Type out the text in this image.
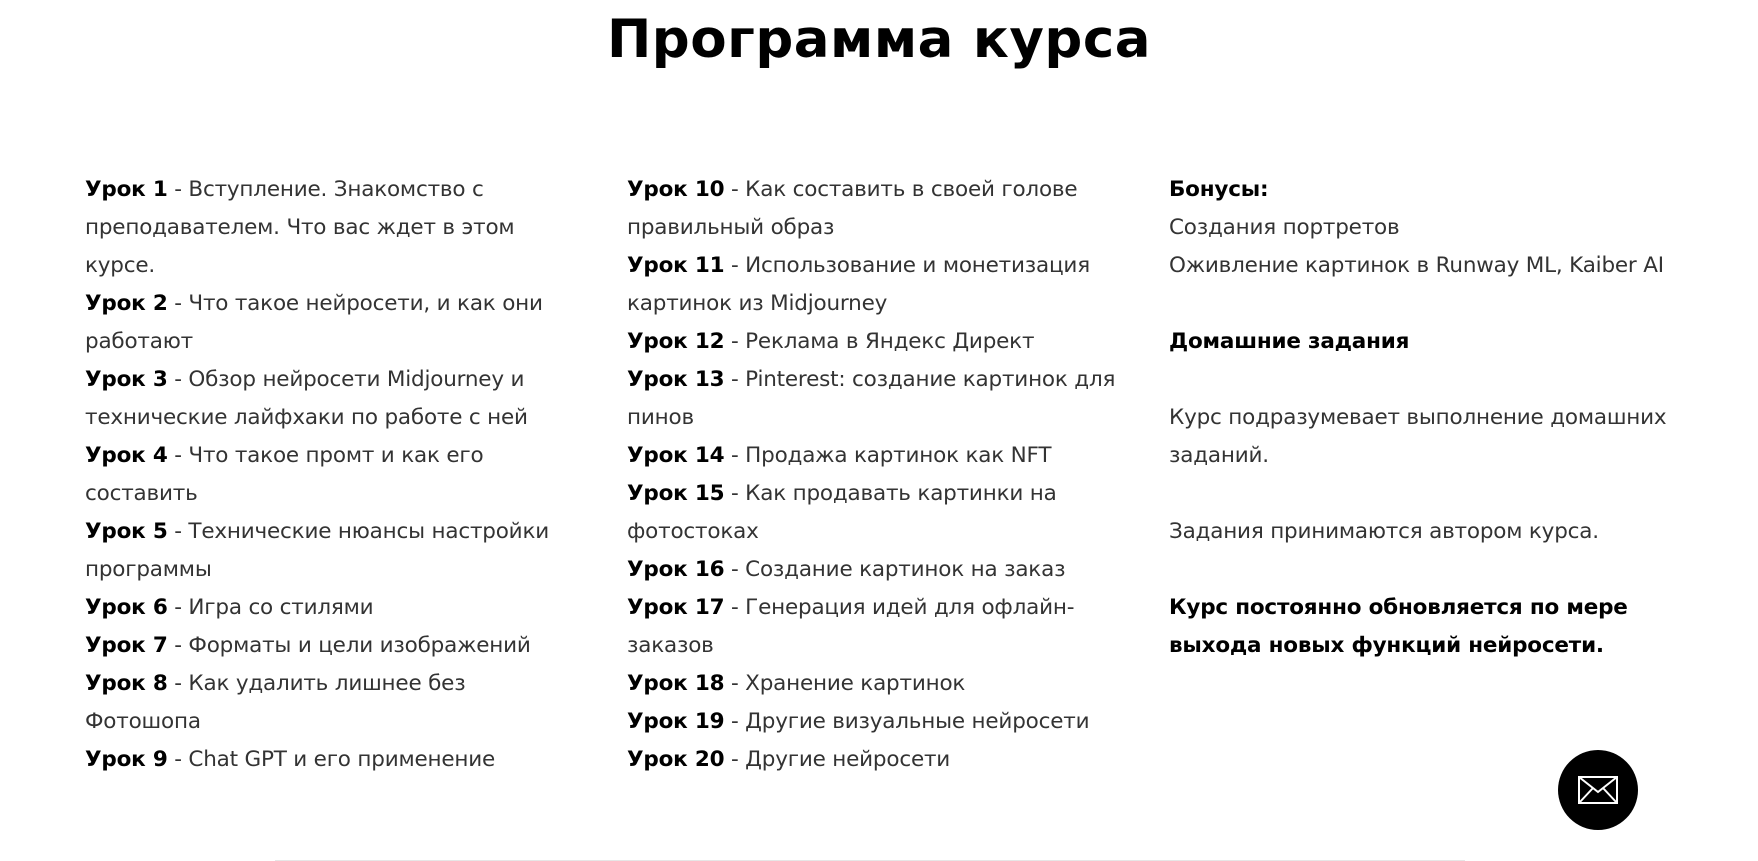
Программа курса

Урок 1 - Вступление. Знакомство с преподавателем. Что вас ждет в этом курсе.

Урок 2 - Что такое нейросети, и как они работают

Урок 3 - Обзор нейросети Midjourney и технические лайфхаки по работе с ней

Урок 4 - Что такое промт и как его составить

Урок 5 - Технические нюансы настройки программы

Урок 6 - Игра со стилями

Урок 7 - Форматы и цели изображений

Урок 8 - Как удалить лишнее без Фотошопа

Урок 9 - Chat GPT и его применение

Урок 10 - Как составить в своей голове правильный образ

Урок 11 - Использование и монетизация картинок из Midjourney

Урок 12 - Реклама в Яндекс Директ

Урок 13 - Pinterest: создание картинок для пинов

Урок 14 - Продажа картинок как NFT

Урок 15 - Как продавать картинки на фотостоках

Урок 16 - Создание картинок на заказ

Урок 17 - Генерация идей для офлайн-заказов

Урок 18 - Хранение картинок

Урок 19 - Другие визуальные нейросети

Урок 20 - Другие нейросети

Бонусы:

Создания портретов

Оживление картинок в Runway ML, Kaiber AI

Домашние задания

Курс подразумевает выполнение домашних заданий.

Задания принимаются автором курса.

Курс постоянно обновляется по мере выхода новых функций нейросети.
